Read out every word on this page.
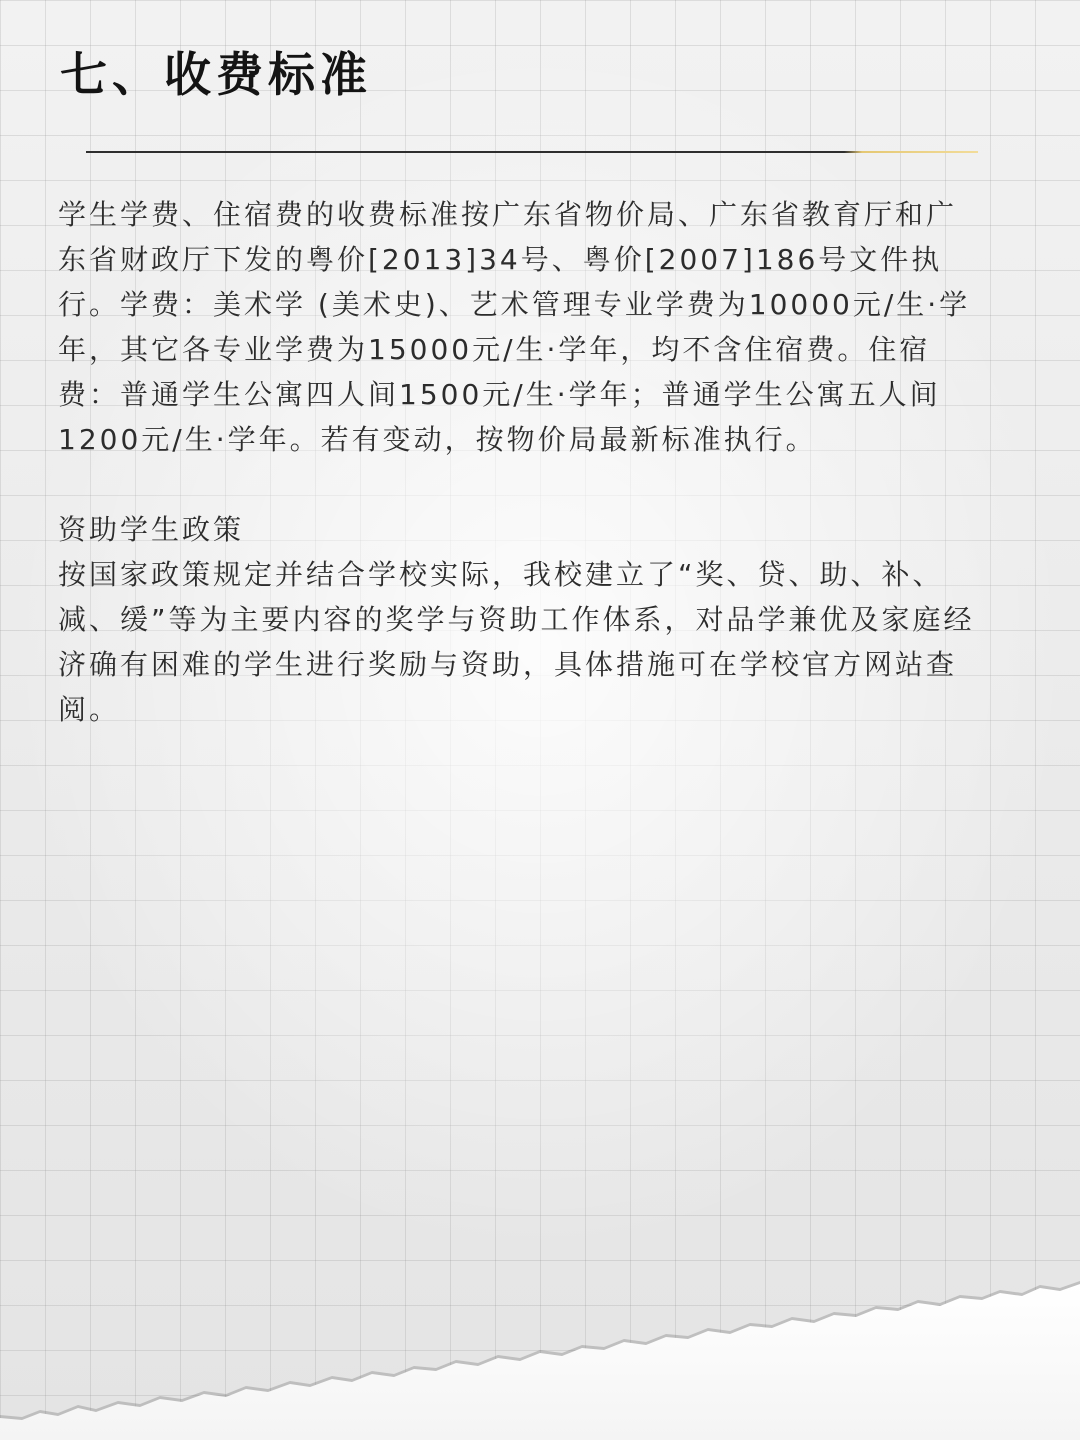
七、收费标准

学生学费、住宿费的收费标准按广东省物价局、广东省教育厅和广东省财政厅下发的粤价[2013]34号、粤价[2007]186号文件执行。学费：美术学 (美术史)、艺术管理专业学费为10000元/生·学年，其它各专业学费为15000元/生·学年，均不含住宿费。住宿费：普通学生公寓四人间1500元/生·学年；普通学生公寓五人间1200元/生·学年。若有变动，按物价局最新标准执行。

资助学生政策

按国家政策规定并结合学校实际，我校建立了“奖、贷、助、补、减、缓”等为主要内容的奖学与资助工作体系，对品学兼优及家庭经济确有困难的学生进行奖励与资助，具体措施可在学校官方网站查阅。
